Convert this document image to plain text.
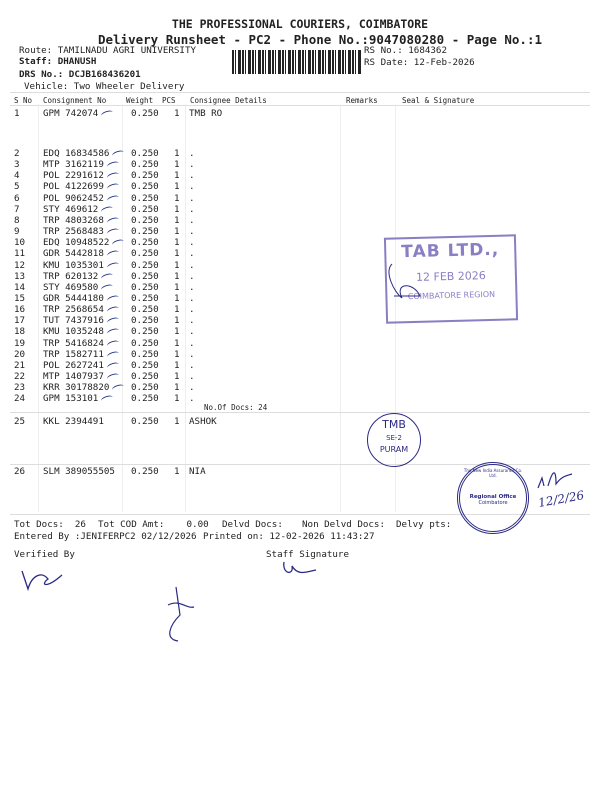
THE PROFESSIONAL COURIERS, COIMBATORE
Delivery Runsheet - PC2 - Phone No.:9047080280 - Page No.:1
Route: TAMILNADU AGRI UNIVERSITY
Staff: DHANUSH
DRS No.: DCJB168436201
Vehicle: Two Wheeler Delivery
RS No.: 1684362
RS Date: 12-Feb-2026
S No Consignment No	Weight PCS Consignee Details	Remarks	Seal & Signature
1	GPM 742074	0.250 1 TMB RO
2	EDQ 16834586 0.250 1 .
3	MTP 3162119	0.250 1 .
4	POL 2291612	0.250 1 .
5	POL 4122699	0.250 1 .
6	POL 9062452	0.250 1 .
7	STY 469612	0.250 1 .
8	TRP 4803268	0.250 1 .
9	TRP 2568483	0.250 1 .
10 EDQ 10948522 0.250 1 .
11 GDR 5442818	0.250 1 .
12 KMU 1035301	0.250 1 .
13 TRP 620132	0.250 1 .
14 STY 469580	0.250 1 .
15 GDR 5444180	0.250 1 .
16 TRP 2568654	0.250 1 .
17 TUT 7437916	0.250 1 .
18 KMU 1035248	0.250 1 .
19 TRP 5416824	0.250 1 .
20 TRP 1582711	0.250 1 .
21 POL 2627241	0.250 1 .
22 MTP 1407937	0.250 1 .
23 KRR 30178820 0.250 1 .
24 GPM 153101	0.250 1 .
25 KKL 2394491	0.250 1 ASHOK
26 SLM 389055505 0.250 1 NIA
No.Of Docs: 24
Tot Docs:  26 Tot COD Amt:    0.00 Delvd Docs: Non Delvd Docs: Delvy pts:
Entered By :JENIFERPC2 02/12/2026 Printed on: 12-02-2026 11:43:27
Verified By	Staff Signature
TAB LTD.,
12 FEB 2026
COIMBATORE REGION
TMB
SE-2
PURAM
The New India Assurance Co. Ltd.
Regional Office
Coimbatore	12/2/26
